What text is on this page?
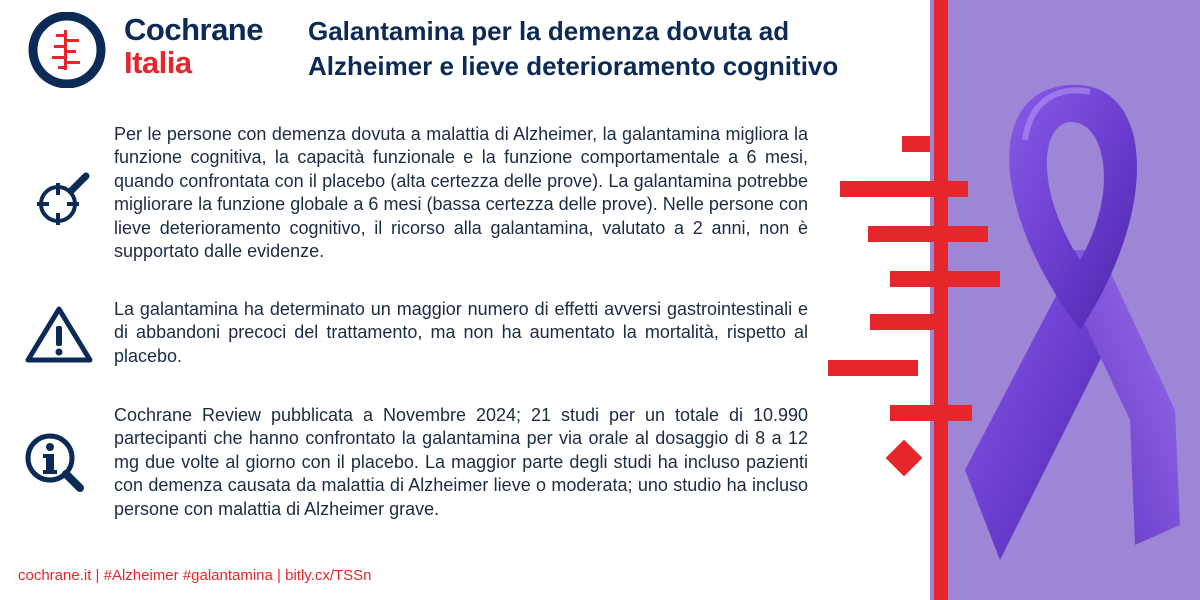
Cochrane
Italia
Galantamina per la demenza dovuta ad
Alzheimer e lieve deterioramento cognitivo
Per le persone con demenza dovuta a malattia di Alzheimer, la galantamina migliora la funzione cognitiva, la capacità funzionale e la funzione comportamentale a 6 mesi, quando confrontata con il placebo (alta certezza delle prove). La galantamina potrebbe migliorare la funzione globale a 6 mesi (bassa certezza delle prove). Nelle persone con lieve deterioramento cognitivo, il ricorso alla galantamina, valutato a 2 anni, non è supportato dalle evidenze.
La galantamina ha determinato un maggior numero di effetti avversi gastrointestinali e di abbandoni precoci del trattamento, ma non ha aumentato la mortalità, rispetto al placebo.
Cochrane Review pubblicata a Novembre 2024; 21 studi per un totale di 10.990 partecipanti che hanno confrontato la galantamina per via orale al dosaggio di 8 a 12 mg due volte al giorno con il placebo. La maggior parte degli studi ha incluso pazienti con demenza causata da malattia di Alzheimer lieve o moderata; uno studio ha incluso persone con malattia di Alzheimer grave.
cochrane.it | #Alzheimer #galantamina | bitly.cx/TSSn
